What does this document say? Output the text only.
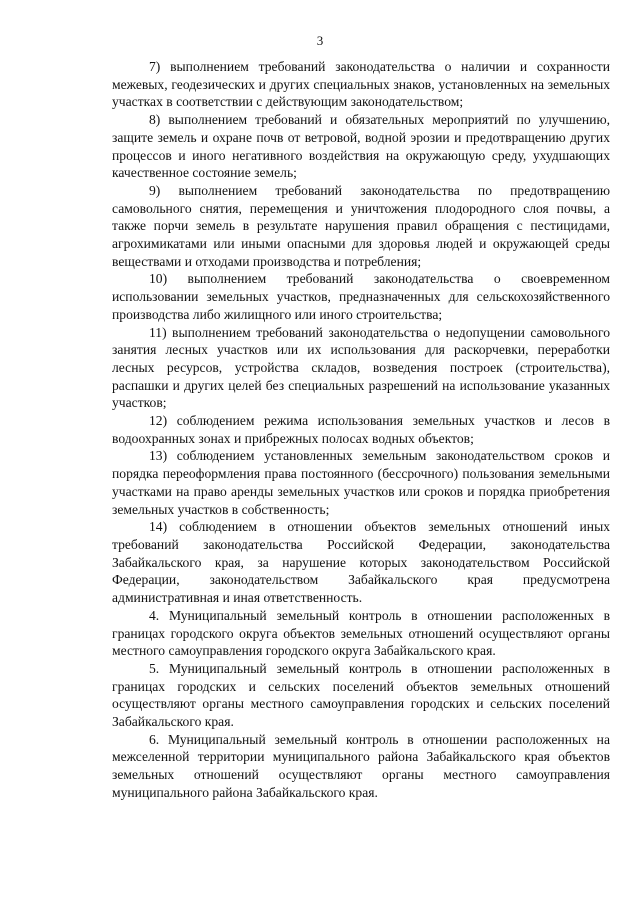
3

7) выполнением требований законодательства о наличии и сохранности межевых, геодезических и других специальных знаков, установленных на земельных участках в соответствии с действующим законодательством;

8) выполнением требований и обязательных мероприятий по улучшению, защите земель и охране почв от ветровой, водной эрозии и предотвращению других процессов и иного негативного воздействия на окружающую среду, ухудшающих качественное состояние земель;

9) выполнением требований законодательства по предотвращению самовольного снятия, перемещения и уничтожения плодородного слоя почвы, а также порчи земель в результате нарушения правил обращения с пестицидами, агрохимикатами или иными опасными для здоровья людей и окружающей среды веществами и отходами производства и потребления;

10) выполнением требований законодательства о своевременном использовании земельных участков, предназначенных для сельскохозяйственного производства либо жилищного или иного строительства;

11) выполнением требований законодательства о недопущении самовольного занятия лесных участков или их использования для раскорчевки, переработки лесных ресурсов, устройства складов, возведения построек (строительства), распашки и других целей без специальных разрешений на использование указанных участков;

12) соблюдением режима использования земельных участков и лесов в водоохранных зонах и прибрежных полосах водных объектов;

13) соблюдением установленных земельным законодательством сроков и порядка переоформления права постоянного (бессрочного) пользования земельными участками на право аренды земельных участков или сроков и порядка приобретения земельных участков в собственность;

14) соблюдением в отношении объектов земельных отношений иных требований законодательства Российской Федерации, законодательства Забайкальского края, за нарушение которых законодательством Российской Федерации, законодательством Забайкальского края предусмотрена административная и иная ответственность.

4. Муниципальный земельный контроль в отношении расположенных в границах городского округа объектов земельных отношений осуществляют органы местного самоуправления городского округа Забайкальского края.

5. Муниципальный земельный контроль в отношении расположенных в границах городских и сельских поселений объектов земельных отношений осуществляют органы местного самоуправления городских и сельских поселений Забайкальского края.

6. Муниципальный земельный контроль в отношении расположенных на межселенной территории муниципального района Забайкальского края объектов земельных отношений осуществляют органы местного самоуправления муниципального района Забайкальского края.
